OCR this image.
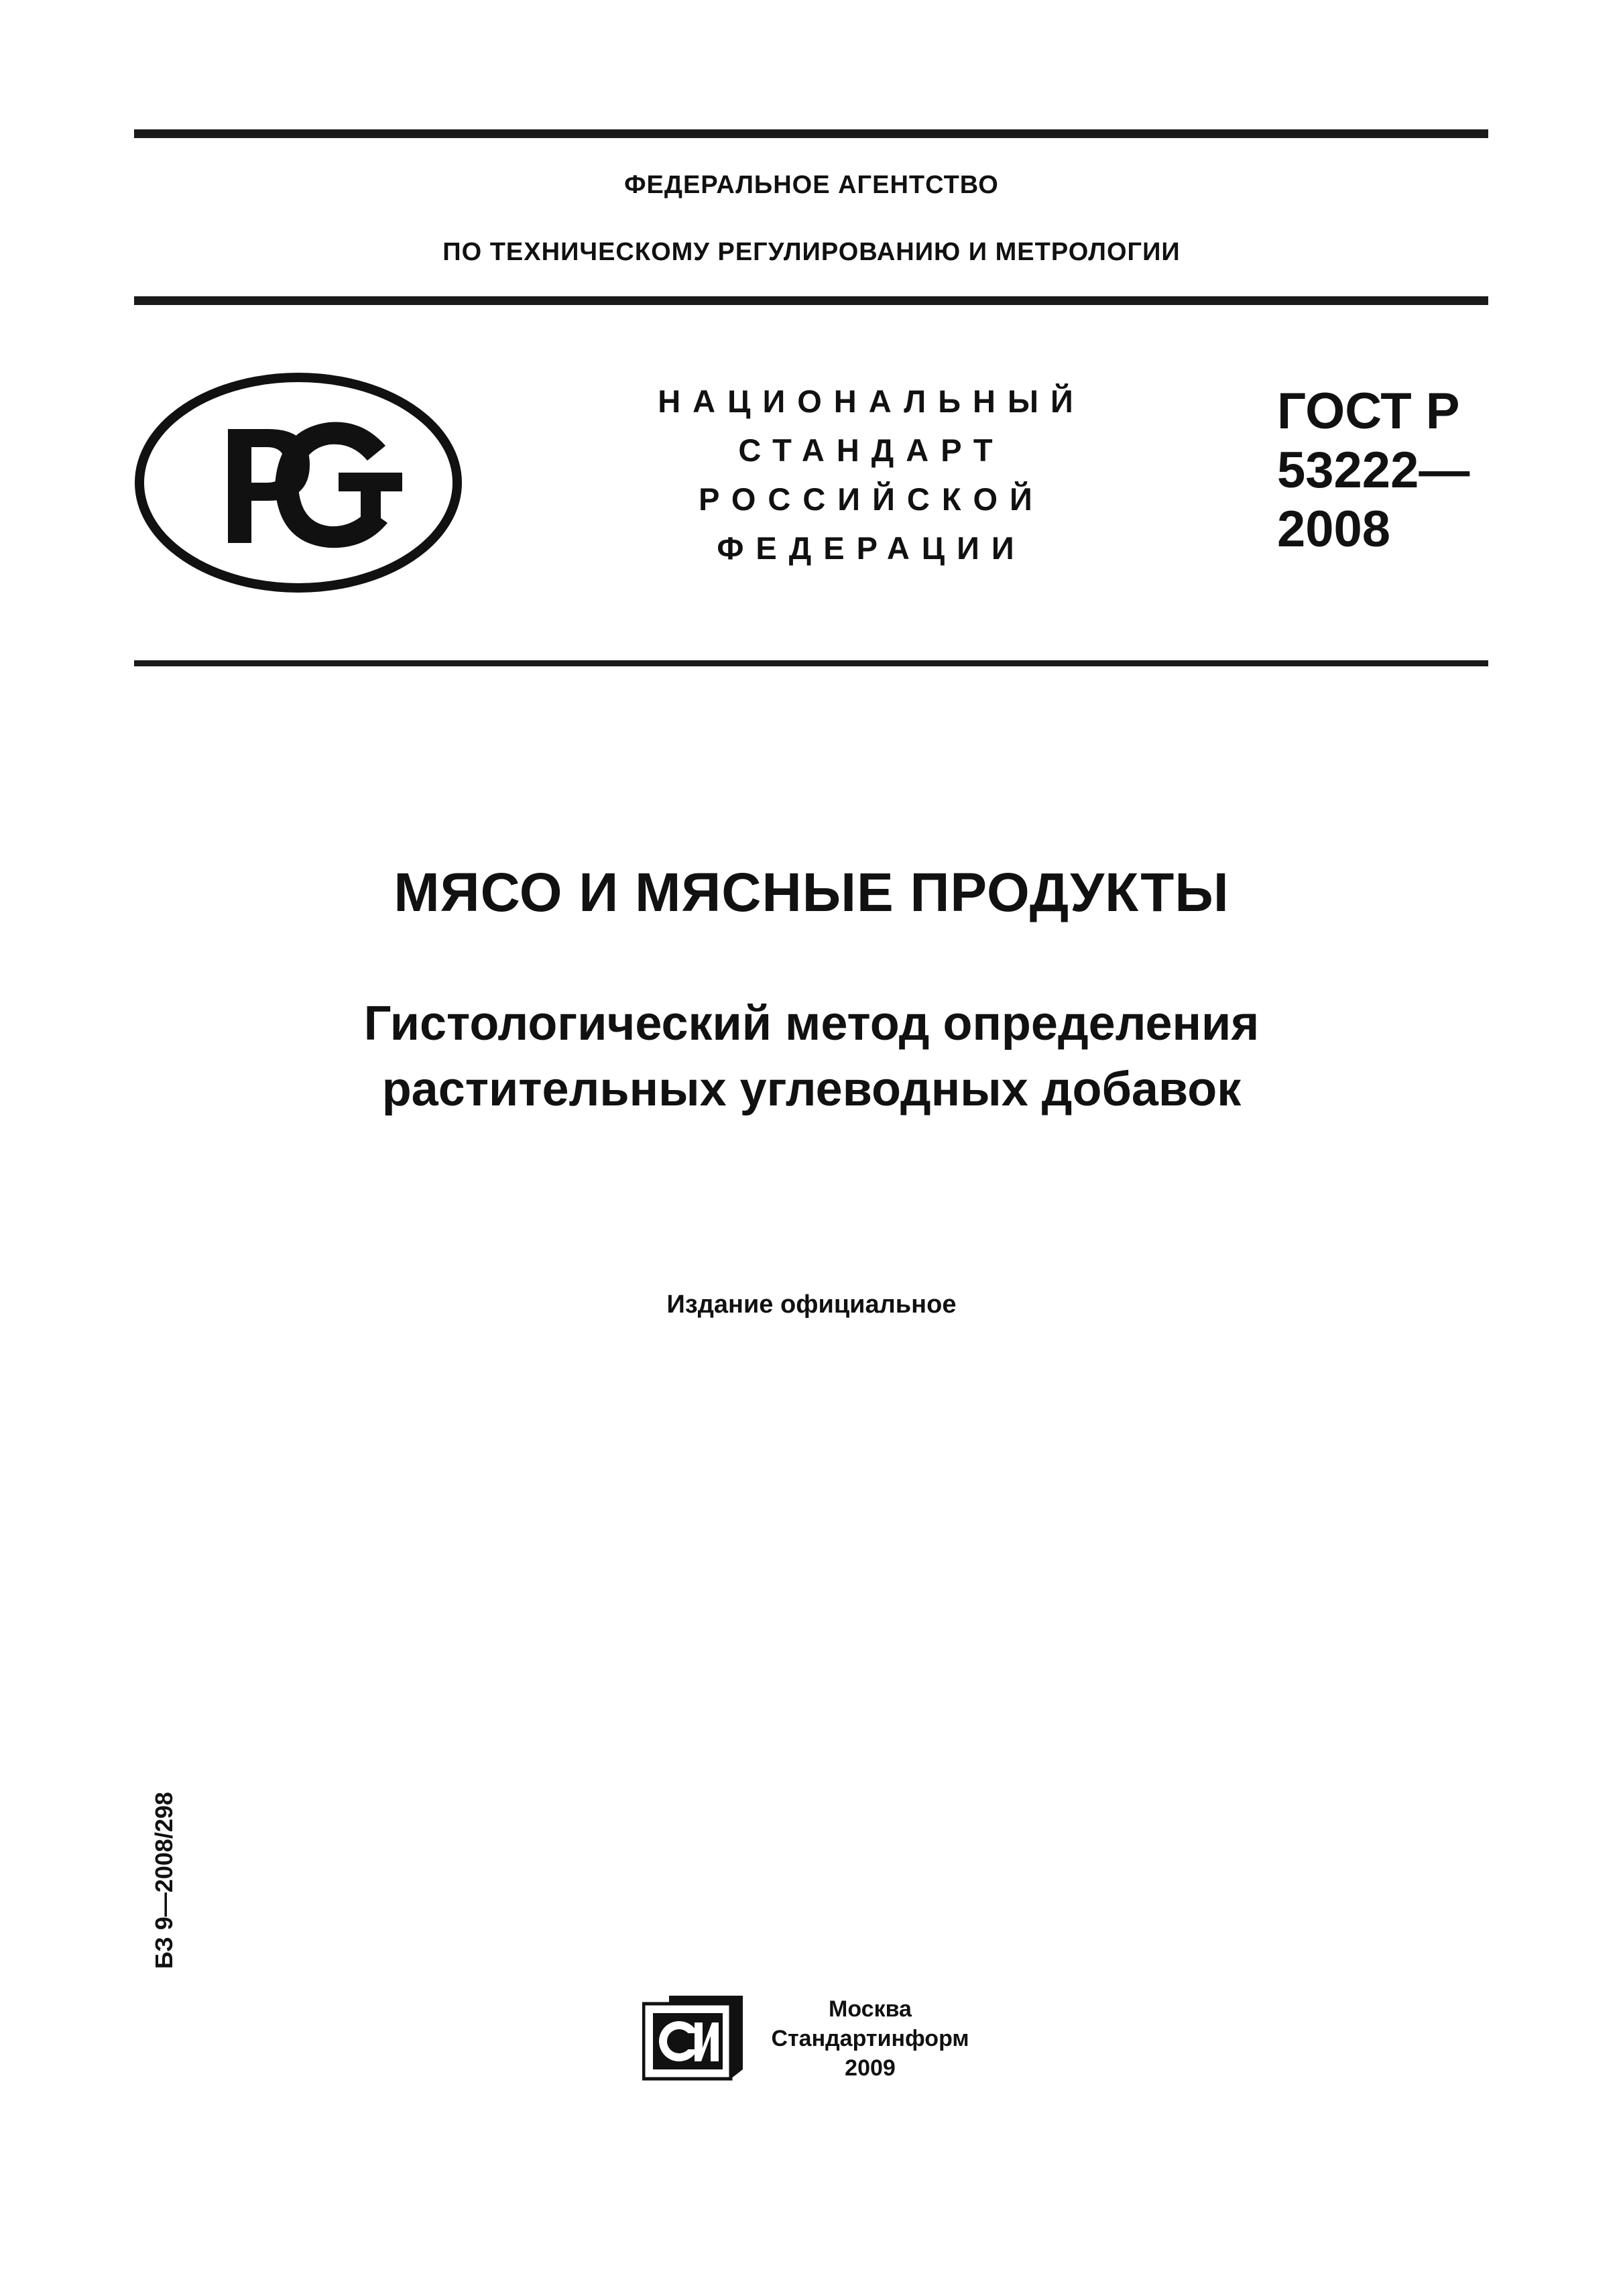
ФЕДЕРАЛЬНОЕ АГЕНТСТВО
ПО ТЕХНИЧЕСКОМУ РЕГУЛИРОВАНИЮ И МЕТРОЛОГИИ
РСТ
НАЦИОНАЛЬНЫЙ
СТАНДАРТ
РОССИЙСКОЙ
ФЕДЕРАЦИИ
ГОСТ Р
53222—
2008
МЯСО И МЯСНЫЕ ПРОДУКТЫ
Гистологический метод определения
растительных углеводных добавок
Издание официальное
БЗ 9—2008/298
СИ
Москва
Стандартинформ
2009
